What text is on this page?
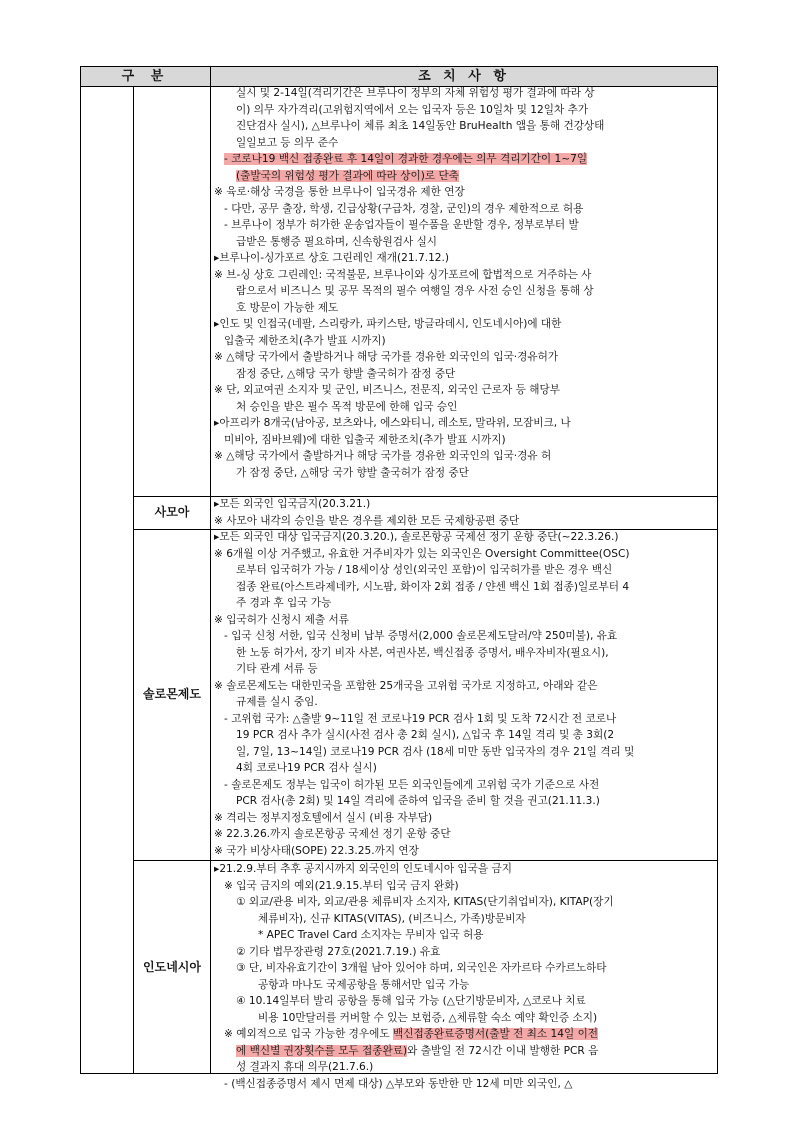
구 분	조 치 사 항

실시 및 2-14일(격리기간은 브루나이 정부의 자체 위험성 평가 결과에 따라 상

이) 의무 자가격리(고위험지역에서 오는 입국자 등은 10일차 및 12일차 추가

진단검사 실시), △브루나이 체류 최초 14일동안 BruHealth 앱을 통해 건강상태

일일보고 등 의무 준수

- 코로나19 백신 접종완료 후 14일이 경과한 경우에는 의무 격리기간이 1~7일

(출발국의 위험성 평가 결과에 따라 상이)로 단축

※ 육로·해상 국경을 통한 브루나이 입국경유 제한 연장

- 다만, 공무 출장, 학생, 긴급상황(구급차, 경찰, 군인)의 경우 제한적으로 허용

- 브루나이 정부가 허가한 운송업자들이 필수품을 운반할 경우, 정부로부터 발

급받은 통행증 필요하며, 신속항원검사 실시

▸브루나이-싱가포르 상호 그린레인 재개(21.7.12.)

※ 브-싱 상호 그린레인: 국적불문, 브루나이와 싱가포르에 합법적으로 거주하는 사

람으로서 비즈니스 및 공무 목적의 필수 여행일 경우 사전 승인 신청을 통해 상

호 방문이 가능한 제도

▸인도 및 인접국(네팔, 스리랑카, 파키스탄, 방글라데시, 인도네시아)에 대한

입출국 제한조치(추가 발표 시까지)

※ △해당 국가에서 출발하거나 해당 국가를 경유한 외국인의 입국·경유허가

잠정 중단, △해당 국가 향발 출국허가 잠정 중단

※ 단, 외교여권 소지자 및 군인, 비즈니스, 전문직, 외국인 근로자 등 해당부

처 승인을 받은 필수 목적 방문에 한해 입국 승인

▸아프리카 8개국(남아공, 보츠와나, 에스와티니, 레소토, 말라위, 모잠비크, 나

미비아, 짐바브웨)에 대한 입출국 제한조치(추가 발표 시까지)

※ △해당 국가에서 출발하거나 해당 국가를 경유한 외국인의 입국·경유 허

가 잠정 중단, △해당 국가 향발 출국허가 잠정 중단

사모아

▸모든 외국인 입국금지(20.3.21.)

※ 사모아 내각의 승인을 받은 경우를 제외한 모든 국제항공편 중단

솔로몬제도

▸모든 외국인 대상 입국금지(20.3.20.), 솔로몬항공 국제선 정기 운항 중단(~22.3.26.)

※ 6개월 이상 거주했고, 유효한 거주비자가 있는 외국인은 Oversight Committee(OSC)

로부터 입국허가 가능 / 18세이상 성인(외국인 포함)이 입국허가를 받은 경우 백신

접종 완료(아스트라제네카, 시노팜, 화이자 2회 접종 / 얀센 백신 1회 접종)일로부터 4

주 경과 후 입국 가능

※ 입국허가 신청시 제출 서류

- 입국 신청 서한, 입국 신청비 납부 증명서(2,000 솔로몬제도달러/약 250미불), 유효

한 노동 허가서, 장기 비자 사본, 여권사본, 백신접종 증명서, 배우자비자(필요시),

기타 관계 서류 등

※ 솔로몬제도는 대한민국을 포함한 25개국을 고위험 국가로 지정하고, 아래와 같은

규제를 실시 중임.

- 고위험 국가: △출발 9~11일 전 코로나19 PCR 검사 1회 및 도착 72시간 전 코로나

19 PCR 검사 추가 실시(사전 검사 총 2회 실시), △입국 후 14일 격리 및 총 3회(2

일, 7일, 13~14일) 코로나19 PCR 검사 (18세 미만 동반 입국자의 경우 21일 격리 및

4회 코로나19 PCR 검사 실시)

- 솔로몬제도 정부는 입국이 허가된 모든 외국인들에게 고위험 국가 기준으로 사전

PCR 검사(총 2회) 및 14일 격리에 준하여 입국을 준비 할 것을 권고(21.11.3.)

※ 격리는 정부지정호텔에서 실시 (비용 자부담)

※ 22.3.26.까지 솔로몬항공 국제선 정기 운항 중단

※ 국가 비상사태(SOPE) 22.3.25.까지 연장

인도네시아

▸21.2.9.부터 추후 공지시까지 외국인의 인도네시아 입국을 금지

※ 입국 금지의 예외(21.9.15.부터 입국 금지 완화)

① 외교/관용 비자, 외교/관용 체류비자 소지자, KITAS(단기취업비자), KITAP(장기

체류비자), 신규 KITAS(VITAS), (비즈니스, 가족)방문비자

* APEC Travel Card 소지자는 무비자 입국 허용

② 기타 법무장관령 27호(2021.7.19.) 유효

③ 단, 비자유효기간이 3개월 남아 있어야 하며, 외국인은 자카르타 수카르노하타

공항과 마나도 국제공항을 통해서만 입국 가능

④ 10.14일부터 발리 공항을 통해 입국 가능 (△단기방문비자, △코로나 치료

비용 10만달러를 커버할 수 있는 보험증, △체류할 숙소 예약 확인증 소지)

※ 예외적으로 입국 가능한 경우에도 백신접종완료증명서(출발 전 최소 14일 이전

에 백신별 권장횟수를 모두 접종완료)와 출발일 전 72시간 이내 발행한 PCR 음

성 결과지 휴대 의무(21.7.6.)

- (백신접종증명서 제시 면제 대상) △부모와 동반한 만 12세 미만 외국인, △
